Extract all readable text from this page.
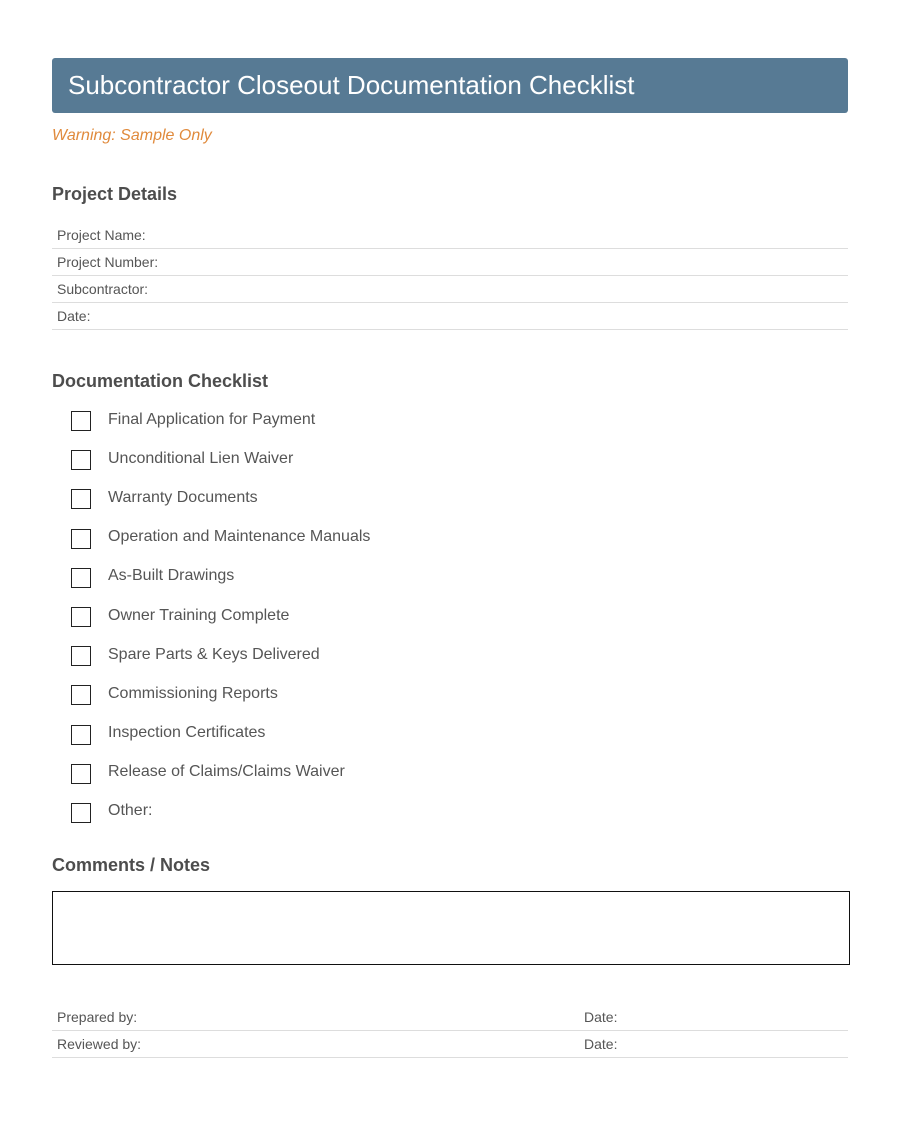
Subcontractor Closeout Documentation Checklist
Warning: Sample Only
Project Details
Project Name:
Project Number:
Subcontractor:
Date:
Documentation Checklist
Final Application for Payment
Unconditional Lien Waiver
Warranty Documents
Operation and Maintenance Manuals
As-Built Drawings
Owner Training Complete
Spare Parts & Keys Delivered
Commissioning Reports
Inspection Certificates
Release of Claims/Claims Waiver
Other:
Comments / Notes
Prepared by:	Date:
Reviewed by:	Date:
